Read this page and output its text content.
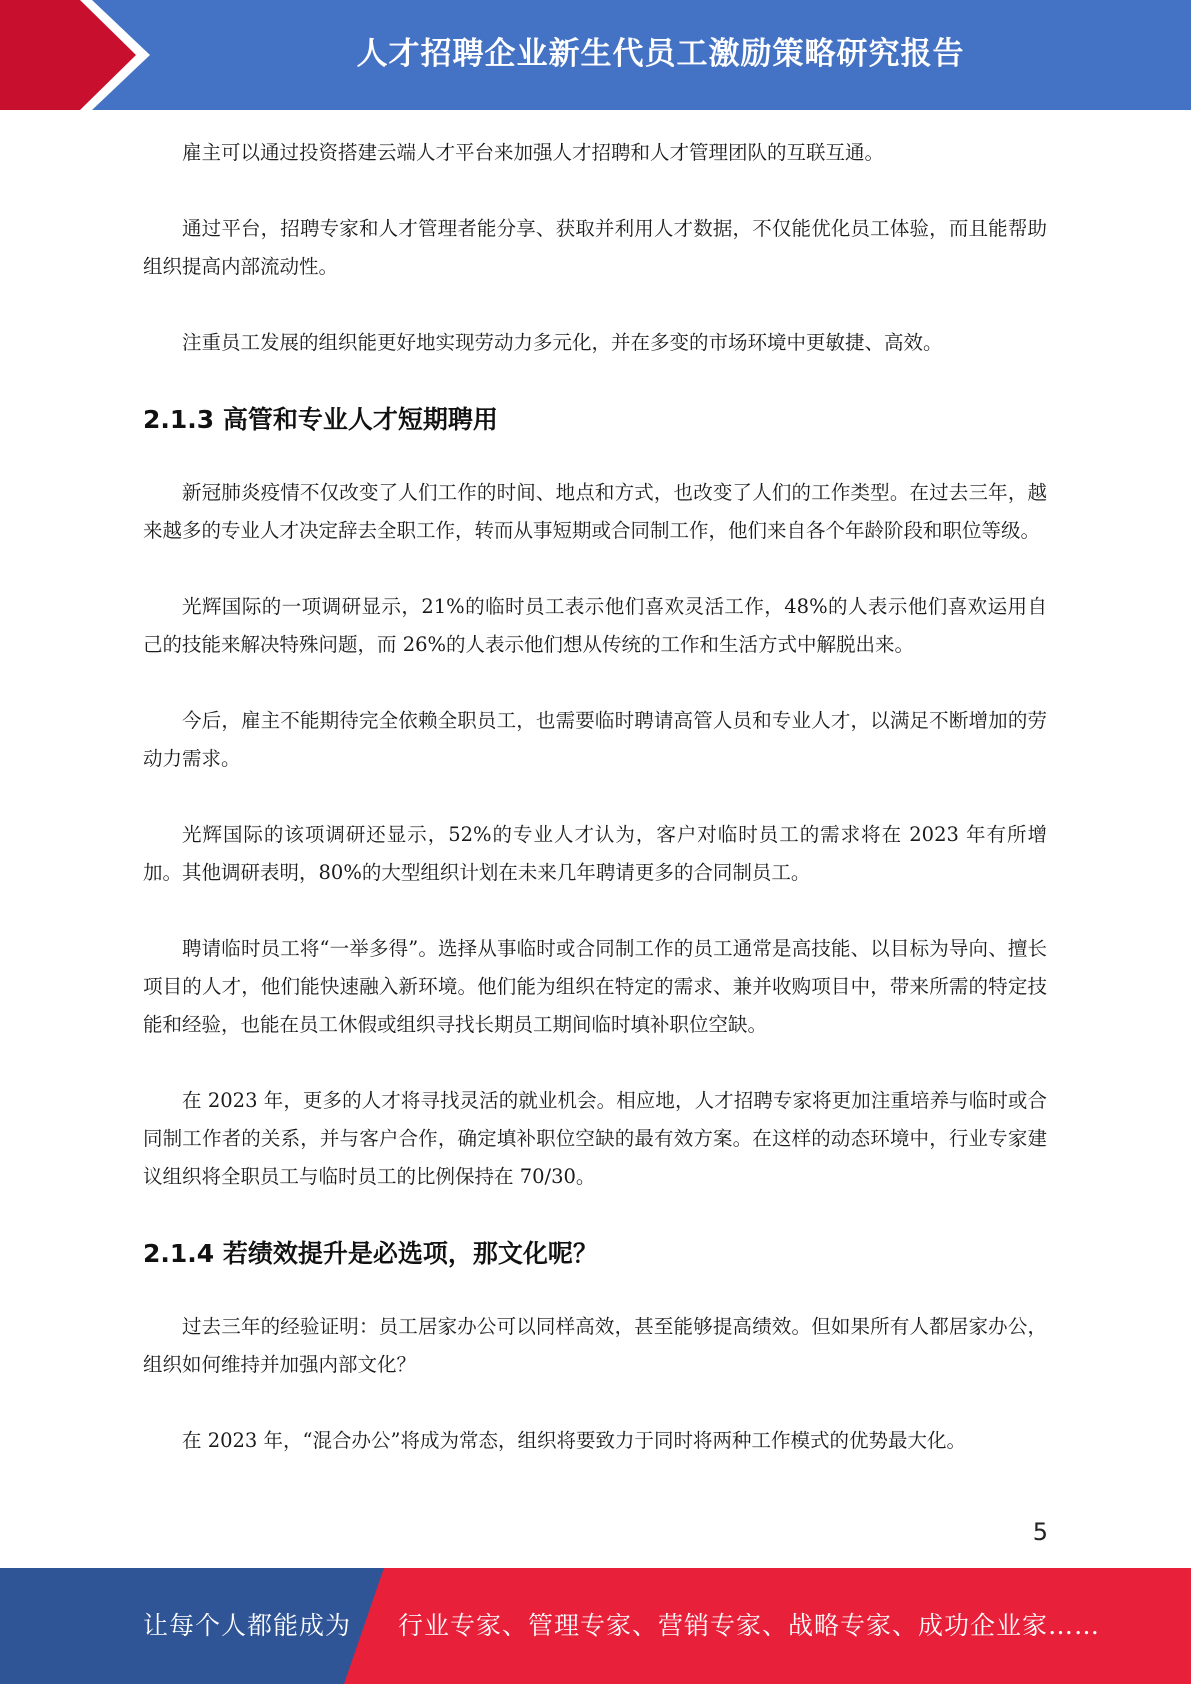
人才招聘企业新生代员工激励策略研究报告

雇主可以通过投资搭建云端人才平台来加强人才招聘和人才管理团队的互联互通。

通过平台，招聘专家和人才管理者能分享、获取并利用人才数据，不仅能优化员工体验，而且能帮助组织提高内部流动性。

注重员工发展的组织能更好地实现劳动力多元化，并在多变的市场环境中更敏捷、高效。

2.1.3 高管和专业人才短期聘用

新冠肺炎疫情不仅改变了人们工作的时间、地点和方式，也改变了人们的工作类型。在过去三年，越来越多的专业人才决定辞去全职工作，转而从事短期或合同制工作，他们来自各个年龄阶段和职位等级。

光辉国际的一项调研显示，21%的临时员工表示他们喜欢灵活工作，48%的人表示他们喜欢运用自己的技能来解决特殊问题，而 26%的人表示他们想从传统的工作和生活方式中解脱出来。

今后，雇主不能期待完全依赖全职员工，也需要临时聘请高管人员和专业人才，以满足不断增加的劳动力需求。

光辉国际的该项调研还显示，52%的专业人才认为，客户对临时员工的需求将在 2023 年有所增加。其他调研表明，80%的大型组织计划在未来几年聘请更多的合同制员工。

聘请临时员工将“一举多得”。选择从事临时或合同制工作的员工通常是高技能、以目标为导向、擅长项目的人才，他们能快速融入新环境。他们能为组织在特定的需求、兼并收购项目中，带来所需的特定技能和经验，也能在员工休假或组织寻找长期员工期间临时填补职位空缺。

在 2023 年，更多的人才将寻找灵活的就业机会。相应地，人才招聘专家将更加注重培养与临时或合同制工作者的关系，并与客户合作，确定填补职位空缺的最有效方案。在这样的动态环境中，行业专家建议组织将全职员工与临时员工的比例保持在 70/30。

2.1.4 若绩效提升是必选项，那文化呢？

过去三年的经验证明：员工居家办公可以同样高效，甚至能够提高绩效。但如果所有人都居家办公，组织如何维持并加强内部文化？

在 2023 年，“混合办公”将成为常态，组织将要致力于同时将两种工作模式的优势最大化。

5
让每个人都能成为 行业专家、管理专家、营销专家、战略专家、成功企业家……
